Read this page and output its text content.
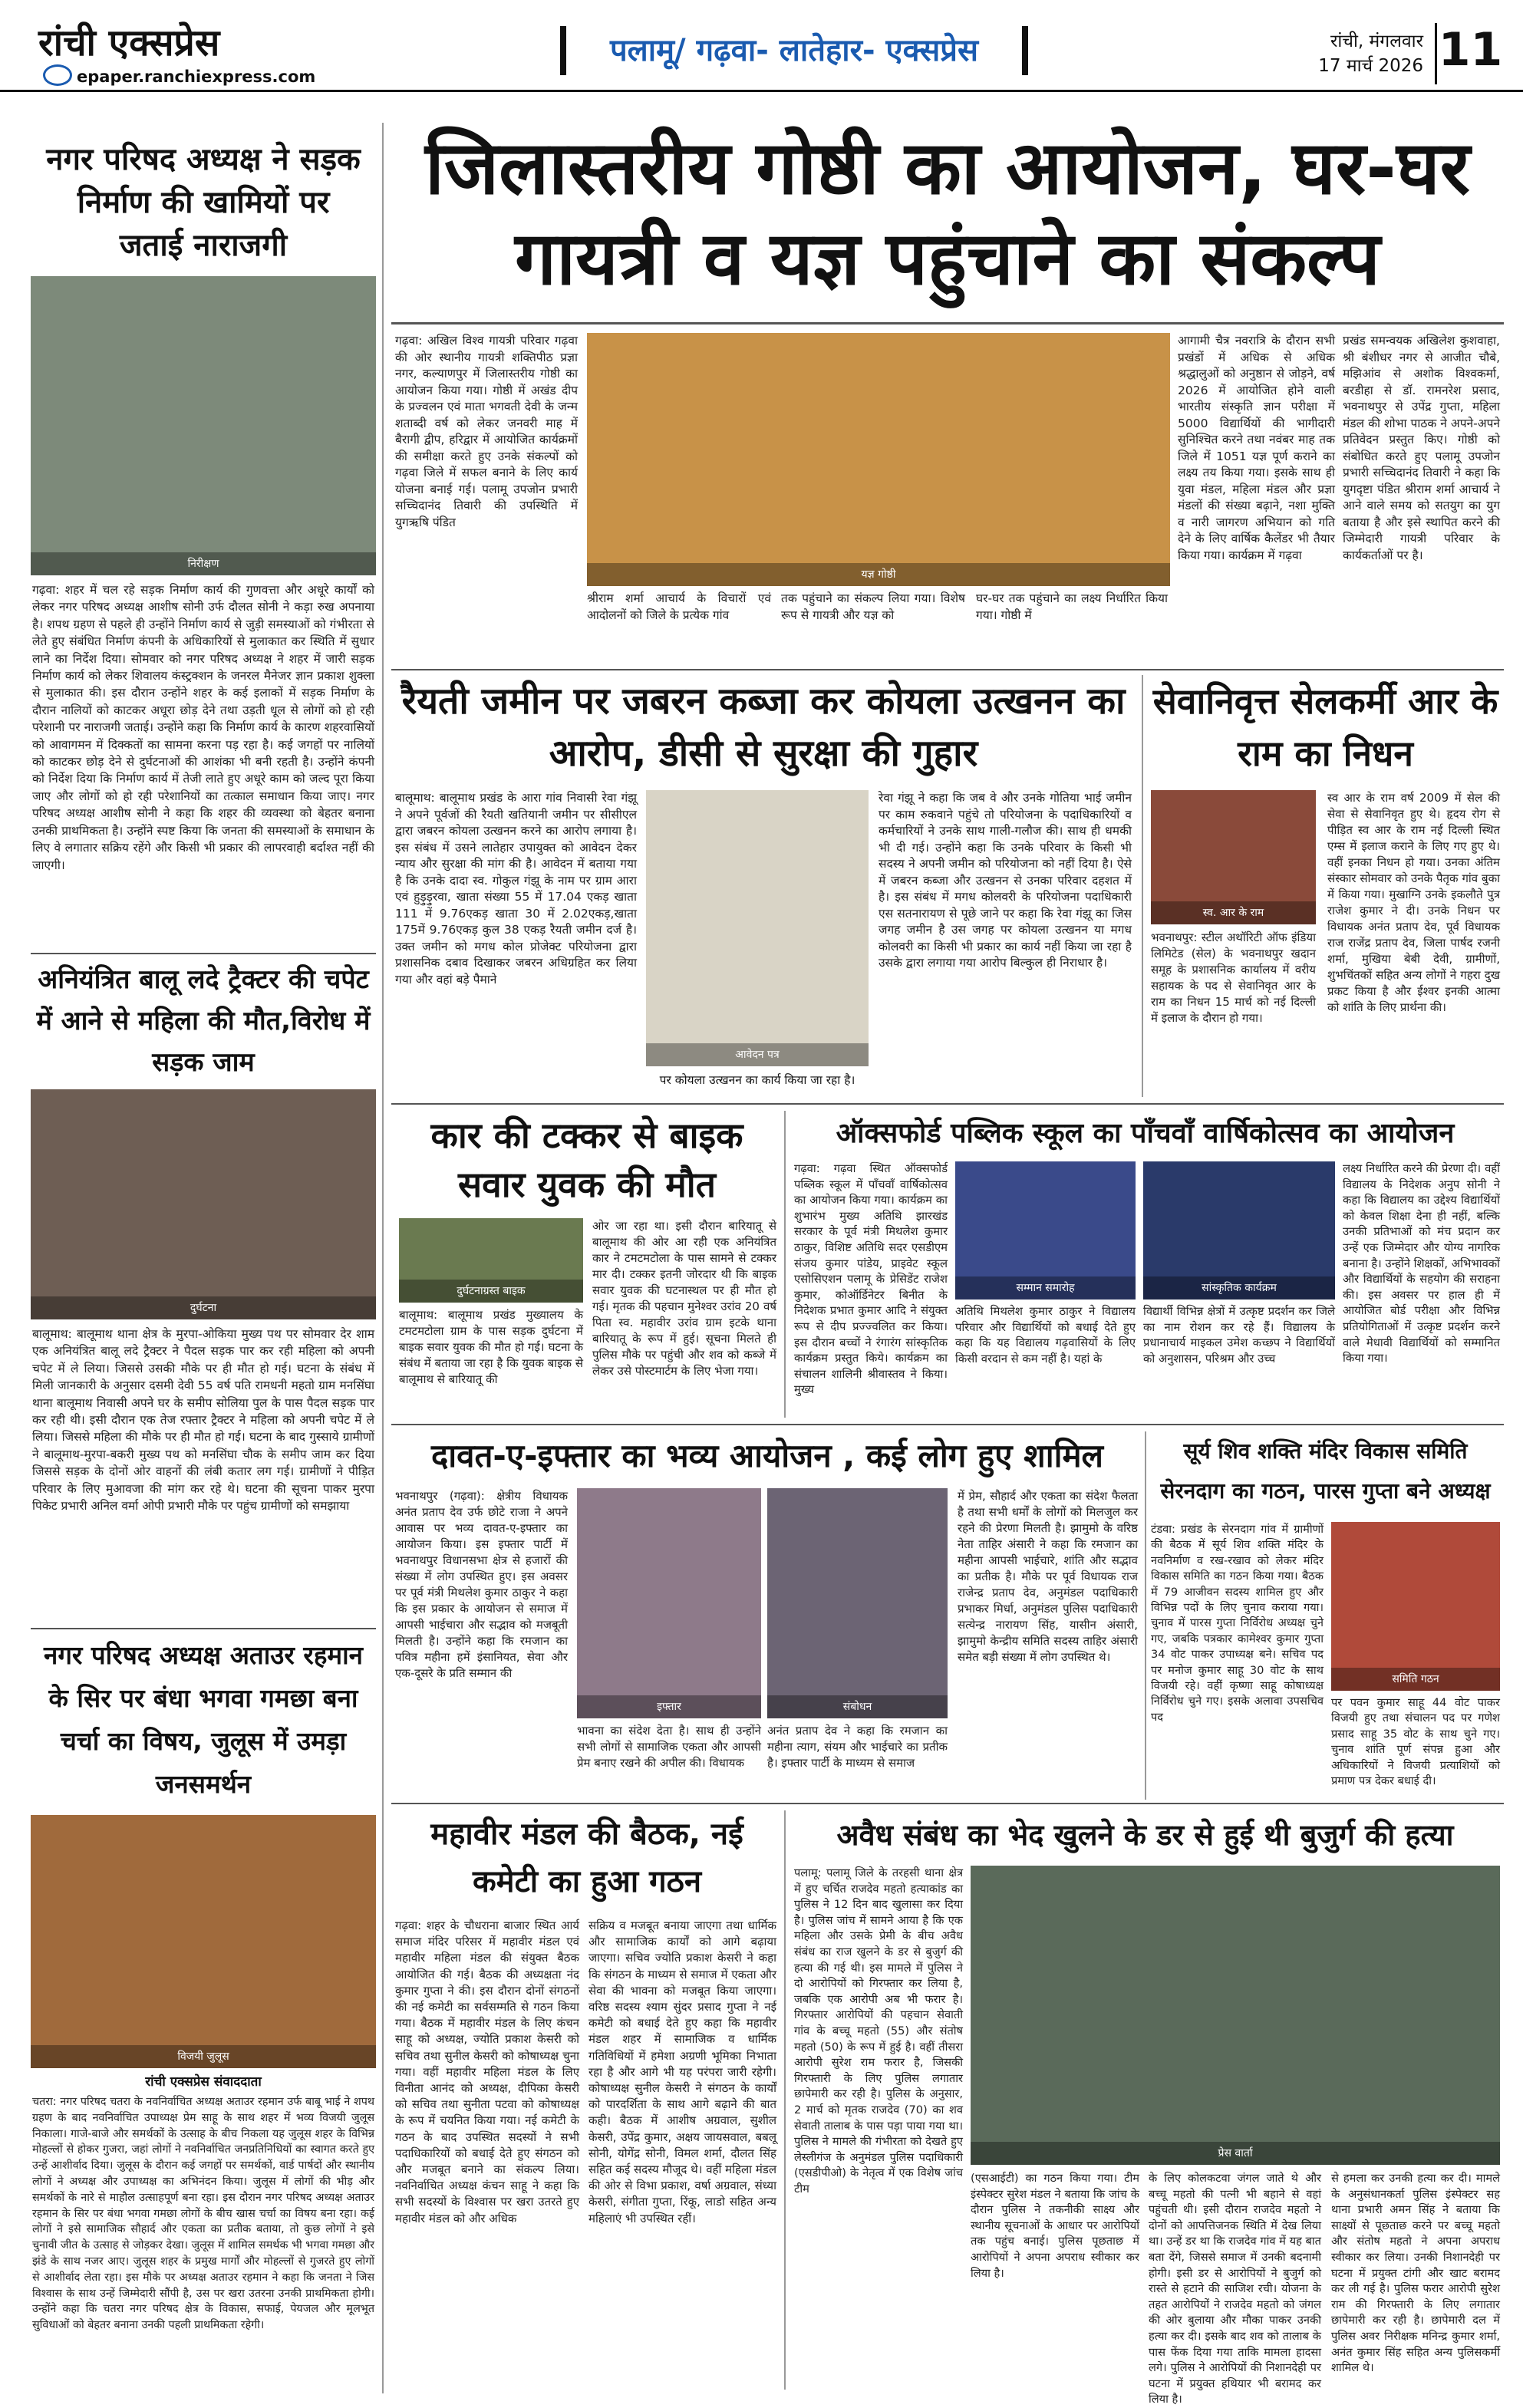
रांची एक्सप्रेस
epaper.ranchiexpress.com
पलामू/ गढ़वा- लातेहार- एक्सप्रेस	रांची, मंगलवार
17 मार्च 2026 11
नगर परिषद अध्यक्ष ने सड़क निर्माण की खामियों पर जताई नाराजगी
निरीक्षण

गढ़वा: शहर में चल रहे सड़क निर्माण कार्य की गुणवत्ता और अधूरे कार्यों को लेकर नगर परिषद अध्यक्ष आशीष सोनी उर्फ दौलत सोनी ने कड़ा रुख अपनाया है। शपथ ग्रहण से पहले ही उन्होंने निर्माण कार्य से जुड़ी समस्याओं को गंभीरता से लेते हुए संबंधित निर्माण कंपनी के अधिकारियों से मुलाकात कर स्थिति में सुधार लाने का निर्देश दिया। सोमवार को नगर परिषद अध्यक्ष ने शहर में जारी सड़क निर्माण कार्य को लेकर शिवालय कंस्ट्रक्शन के जनरल मैनेजर ज्ञान प्रकाश शुक्ला से मुलाकात की। इस दौरान उन्होंने शहर के कई इलाकों में सड़क निर्माण के दौरान नालियों को काटकर अधूरा छोड़ देने तथा उड़ती धूल से लोगों को हो रही परेशानी पर नाराजगी जताई। उन्होंने कहा कि निर्माण कार्य के कारण शहरवासियों को आवागमन में दिक्कतों का सामना करना पड़ रहा है। कई जगहों पर नालियों को काटकर छोड़ देने से दुर्घटनाओं की आशंका भी बनी रहती है। उन्होंने कंपनी को निर्देश दिया कि निर्माण कार्य में तेजी लाते हुए अधूरे काम को जल्द पूरा किया जाए और लोगों को हो रही परेशानियों का तत्काल समाधान किया जाए। नगर परिषद अध्यक्ष आशीष सोनी ने कहा कि शहर की व्यवस्था को बेहतर बनाना उनकी प्राथमिकता है। उन्होंने स्पष्ट किया कि जनता की समस्याओं के समाधान के लिए वे लगातार सक्रिय रहेंगे और किसी भी प्रकार की लापरवाही बर्दाश्त नहीं की जाएगी।

अनियंत्रित बालू लदे ट्रैक्टर की चपेट में आने से महिला की मौत,विरोध में सड़क जाम
दुर्घटना

बालूमाथ: बालूमाथ थाना क्षेत्र के मुरपा-ओकिया मुख्य पथ पर सोमवार देर शाम एक अनियंत्रित बालू लदे ट्रैक्टर ने पैदल सड़क पार कर रही महिला को अपनी चपेट में ले लिया। जिससे उसकी मौके पर ही मौत हो गई। घटना के संबंध में मिली जानकारी के अनुसार दसमी देवी 55 वर्ष पति रामधनी महतो ग्राम मनसिंघा थाना बालूमाथ निवासी अपने घर के समीप सोलिया पुल के पास पैदल सड़क पार कर रही थी। इसी दौरान एक तेज रफ्तार ट्रैक्टर ने महिला को अपनी चपेट में ले लिया। जिससे महिला की मौके पर ही मौत हो गई। घटना के बाद गुस्साये ग्रामीणों ने बालूमाथ-मुरपा-बकरी मुख्य पथ को मनसिंघा चौक के समीप जाम कर दिया जिससे सड़क के दोनों ओर वाहनों की लंबी कतार लग गई। ग्रामीणों ने पीड़ित परिवार के लिए मुआवजा की मांग कर रहे थे। घटना की सूचना पाकर मुरपा पिकेट प्रभारी अनिल वर्मा ओपी प्रभारी मौके पर पहुंच ग्रामीणों को समझाया

नगर परिषद अध्यक्ष अताउर रहमान के सिर पर बंधा भगवा गमछा बना चर्चा का विषय, जुलूस में उमड़ा जनसमर्थन
विजयी जुलूस
रांची एक्सप्रेस संवाददाता

चतरा: नगर परिषद चतरा के नवनिर्वाचित अध्यक्ष अताउर रहमान उर्फ बाबू भाई ने शपथ ग्रहण के बाद नवनिर्वाचित उपाध्यक्ष प्रेम साहू के साथ शहर में भव्य विजयी जुलूस निकाला। गाजे-बाजे और समर्थकों के उत्साह के बीच निकला यह जुलूस शहर के विभिन्न मोहल्लों से होकर गुजरा, जहां लोगों ने नवनिर्वाचित जनप्रतिनिधियों का स्वागत करते हुए उन्हें आशीर्वाद दिया। जुलूस के दौरान कई जगहों पर समर्थकों, वार्ड पार्षदों और स्थानीय लोगों ने अध्यक्ष और उपाध्यक्ष का अभिनंदन किया। जुलूस में लोगों की भीड़ और समर्थकों के नारे से माहौल उत्साहपूर्ण बना रहा। इस दौरान नगर परिषद अध्यक्ष अताउर रहमान के सिर पर बंधा भगवा गमछा लोगों के बीच खास चर्चा का विषय बना रहा। कई लोगों ने इसे सामाजिक सौहार्द और एकता का प्रतीक बताया, तो कुछ लोगों ने इसे चुनावी जीत के उत्साह से जोड़कर देखा। जुलूस में शामिल समर्थक भी भगवा गमछा और झंडे के साथ नजर आए। जुलूस शहर के प्रमुख मार्गों और मोहल्लों से गुजरते हुए लोगों से आशीर्वाद लेता रहा। इस मौके पर अध्यक्ष अताउर रहमान ने कहा कि जनता ने जिस विश्वास के साथ उन्हें जिम्मेदारी सौंपी है, उस पर खरा उतरना उनकी प्राथमिकता होगी। उन्होंने कहा कि चतरा नगर परिषद क्षेत्र के विकास, सफाई, पेयजल और मूलभूत सुविधाओं को बेहतर बनाना उनकी पहली प्राथमिकता रहेगी।

जिलास्तरीय गोष्ठी का आयोजन, घर-घर गायत्री व यज्ञ पहुंचाने का संकल्प

गढ़वा: अखिल विश्व गायत्री परिवार गढ़वा की ओर स्थानीय गायत्री शक्तिपीठ प्रज्ञा नगर, कल्याणपुर में जिलास्तरीय गोष्ठी का आयोजन किया गया। गोष्ठी में अखंड दीप के प्रज्वलन एवं माता भगवती देवी के जन्म शताब्दी वर्ष को लेकर जनवरी माह में बैरागी द्वीप, हरिद्वार में आयोजित कार्यक्रमों की समीक्षा करते हुए उनके संकल्पों को गढ़वा जिले में सफल बनाने के लिए कार्य योजना बनाई गई। पलामू उपजोन प्रभारी सच्चिदानंद तिवारी की उपस्थिति में युगऋषि पंडित

यज्ञ गोष्ठी

श्रीराम शर्मा आचार्य के विचारों एवं आदोलनों को जिले के प्रत्येक गांव

तक पहुंचाने का संकल्प लिया गया। विशेष रूप से गायत्री और यज्ञ को

घर-घर तक पहुंचाने का लक्ष्य निर्धारित किया गया। गोष्ठी में

आगामी चैत्र नवरात्रि के दौरान सभी प्रखंडों में अधिक से अधिक श्रद्धालुओं को अनुष्ठान से जोड़ने, वर्ष 2026 में आयोजित होने वाली भारतीय संस्कृति ज्ञान परीक्षा में 5000 विद्यार्थियों की भागीदारी सुनिश्चित करने तथा नवंबर माह तक जिले में 1051 यज्ञ पूर्ण कराने का लक्ष्य तय किया गया। इसके साथ ही युवा मंडल, महिला मंडल और प्रज्ञा मंडलों की संख्या बढ़ाने, नशा मुक्ति व नारी जागरण अभियान को गति देने के लिए वार्षिक कैलेंडर भी तैयार किया गया। कार्यक्रम में गढ़वा

प्रखंड समन्वयक अखिलेश कुशवाहा, श्री बंशीधर नगर से आजीत चौबे, मझिआंव से अशोक विश्वकर्मा, बरडीहा से डॉ. रामनरेश प्रसाद, भवनाथपुर से उपेंद्र गुप्ता, महिला मंडल की शोभा पाठक ने अपने-अपने प्रतिवेदन प्रस्तुत किए। गोष्ठी को संबोधित करते हुए पलामू उपजोन प्रभारी सच्चिदानंद तिवारी ने कहा कि युगदृष्टा पंडित श्रीराम शर्मा आचार्य ने आने वाले समय को सतयुग का युग बताया है और इसे स्थापित करने की जिम्मेदारी गायत्री परिवार के कार्यकर्ताओं पर है।

रैयती जमीन पर जबरन कब्जा कर कोयला उत्खनन का आरोप, डीसी से सुरक्षा की गुहार

बालूमाथ: बालूमाथ प्रखंड के आरा गांव निवासी रेवा गंझू ने अपने पूर्वजों की रैयती खतियानी जमीन पर सीसीएल द्वारा जबरन कोयला उत्खनन करने का आरोप लगाया है। इस संबंध में उसने लातेहार उपायुक्त को आवेदन देकर न्याय और सुरक्षा की मांग की है। आवेदन में बताया गया है कि उनके दादा स्व. गोकुल गंझू के नाम पर ग्राम आरा एवं हुड़ुड़ुरवा, खाता संख्या 55 में 17.04 एकड़ खाता 111 में 9.76एकड़ खाता 30 में 2.02एकड़,खाता 175में 9.76एकड़ कुल 38 एकड़ रैयती जमीन दर्ज है। उक्त जमीन को मगध कोल प्रोजेक्ट परियोजना द्वारा प्रशासनिक दबाव दिखाकर जबरन अधिग्रहित कर लिया गया और वहां बड़े पैमाने

आवेदन पत्र

पर कोयला उत्खनन का कार्य किया जा रहा है।

रेवा गंझू ने कहा कि जब वे और उनके गोतिया भाई जमीन पर काम रुकवाने पहुंचे तो परियोजना के पदाधिकारियों व कर्मचारियों ने उनके साथ गाली-गलौज की। साथ ही धमकी भी दी गई। उन्होंने कहा कि उनके परिवार के किसी भी सदस्य ने अपनी जमीन को परियोजना को नहीं दिया है। ऐसे में जबरन कब्जा और उत्खनन से उनका परिवार दहशत में है। इस संबंध में मगध कोलवरी के परियोजना पदाधिकारी एस सतनारायण से पूछे जाने पर कहा कि रेवा गंझू का जिस जगह जमीन है उस जगह पर कोयला उत्खनन या मगध कोलवरी का किसी भी प्रकार का कार्य नहीं किया जा रहा है उसके द्वारा लगाया गया आरोप बिल्कुल ही निराधार है।

सेवानिवृत्त सेलकर्मी आर के राम का निधन

स्व आर के राम वर्ष 2009 में सेल की सेवा से सेवानिवृत हुए थे। हृदय रोग से पीड़ित स्व आर के राम नई दिल्ली स्थित एम्स में इलाज कराने के लिए गए हुए थे। वहीं इनका निधन हो गया। उनका अंतिम संस्कार सोमवार को उनके पैतृक गांव बुका में किया गया। मुखाग्नि उनके इकलौते पुत्र राजेश कुमार ने दी। उनके निधन पर विधायक अनंत प्रताप देव, पूर्व विधायक राज राजेंद्र प्रताप देव, जिला पार्षद रजनी शर्मा, मुखिया बेबी देवी, ग्रामीणों, शुभचिंतकों सहित अन्य लोगों ने गहरा दुख प्रकट किया है और ईश्वर इनकी आत्मा को शांति के लिए प्रार्थना की।

स्व. आर के राम

भवनाथपुर: स्टील अथॉरिटी ऑफ इंडिया लिमिटेड (सेल) के भवनाथपुर खदान समूह के प्रशासनिक कार्यालय में वरीय सहायक के पद से सेवानिवृत आर के राम का निधन 15 मार्च को नई दिल्ली में इलाज के दौरान हो गया।

कार की टक्कर से बाइक सवार युवक की मौत
दुर्घटनाग्रस्त बाइक

बालूमाथ: बालूमाथ प्रखंड मुख्यालय के टमटमटोला ग्राम के पास सड़क दुर्घटना में बाइक सवार युवक की मौत हो गई। घटना के संबंध में बताया जा रहा है कि युवक बाइक से बालूमाथ से बारियातू की

ओर जा रहा था। इसी दौरान बारियातू से बालूमाथ की ओर आ रही एक अनियंत्रित कार ने टमटमटोला के पास सामने से टक्कर मार दी। टक्कर इतनी जोरदार थी कि बाइक सवार युवक की घटनास्थल पर ही मौत हो गई। मृतक की पहचान मुनेश्वर उरांव 20 वर्ष पिता स्व. महावीर उरांव ग्राम इटके थाना बारियातू के रूप में हुई। सूचना मिलते ही पुलिस मौके पर पहुंची और शव को कब्जे में लेकर उसे पोस्टमार्टम के लिए भेजा गया।

ऑक्सफोर्ड पब्लिक स्कूल का पाँचवाँ वार्षिकोत्सव का आयोजन

गढ़वा: गढ़वा स्थित ऑक्सफोर्ड पब्लिक स्कूल में पाँचवाँ वार्षिकोत्सव का आयोजन किया गया। कार्यक्रम का शुभारंभ मुख्य अतिथि झारखंड सरकार के पूर्व मंत्री मिथलेश कुमार ठाकुर, विशिष्ट अतिथि सदर एसडीएम संजय कुमार पांडेय, प्राइवेट स्कूल एसोसिएशन पलामू के प्रेसिडेंट राजेश कुमार, कोऑर्डिनेटर बिनीत के निदेशक प्रभात कुमार आदि ने संयुक्त रूप से दीप प्रज्ज्वलित कर किया। इस दौरान बच्चों ने रंगारंग सांस्कृतिक कार्यक्रम प्रस्तुत किये। कार्यक्रम का संचालन शालिनी श्रीवास्तव ने किया। मुख्य

सम्मान समारोह	सांस्कृतिक कार्यक्रम

अतिथि मिथलेश कुमार ठाकुर ने विद्यालय परिवार और विद्यार्थियों को बधाई देते हुए कहा कि यह विद्यालय गढ़वासियों के लिए किसी वरदान से कम नहीं है। यहां के

विद्यार्थी विभिन्न क्षेत्रों में उत्कृष्ट प्रदर्शन कर जिले का नाम रोशन कर रहे हैं। विद्यालय के प्रधानाचार्य माइकल उमेश कच्छप ने विद्यार्थियों को अनुशासन, परिश्रम और उच्च

लक्ष्य निर्धारित करने की प्रेरणा दी। वहीं विद्यालय के निदेशक अनुप सोनी ने कहा कि विद्यालय का उद्देश्य विद्यार्थियों को केवल शिक्षा देना ही नहीं, बल्कि उनकी प्रतिभाओं को मंच प्रदान कर उन्हें एक जिम्मेदार और योग्य नागरिक बनाना है। उन्होंने शिक्षकों, अभिभावकों और विद्यार्थियों के सहयोग की सराहना की। इस अवसर पर हाल ही में आयोजित बोर्ड परीक्षा और विभिन्न प्रतियोगिताओं में उत्कृष्ट प्रदर्शन करने वाले मेधावी विद्यार्थियों को सम्मानित किया गया।

दावत-ए-इफ्तार का भव्य आयोजन , कई लोग हुए शामिल

भवनाथपुर (गढ़वा): क्षेत्रीय विधायक अनंत प्रताप देव उर्फ छोटे राजा ने अपने आवास पर भव्य दावत-ए-इफ्तार का आयोजन किया। इस इफ्तार पार्टी में भवनाथपुर विधानसभा क्षेत्र से हजारों की संख्या में लोग उपस्थित हुए। इस अवसर पर पूर्व मंत्री मिथलेश कुमार ठाकुर ने कहा कि इस प्रकार के आयोजन से समाज में आपसी भाईचारा और सद्भाव को मजबूती मिलती है। उन्होंने कहा कि रमजान का पवित्र महीना हमें इंसानियत, सेवा और एक-दूसरे के प्रति सम्मान की

इफ्तार	संबोधन

भावना का संदेश देता है। साथ ही उन्होंने सभी लोगों से सामाजिक एकता और आपसी प्रेम बनाए रखने की अपील की। विधायक

अनंत प्रताप देव ने कहा कि रमजान का महीना त्याग, संयम और भाईचारे का प्रतीक है। इफ्तार पार्टी के माध्यम से समाज

में प्रेम, सौहार्द और एकता का संदेश फैलता है तथा सभी धर्मों के लोगों को मिलजुल कर रहने की प्रेरणा मिलती है। झामुमो के वरिष्ठ नेता ताहिर अंसारी ने कहा कि रमजान का महीना आपसी भाईचारे, शांति और सद्भाव का प्रतीक है। मौके पर पूर्व विधायक राज राजेन्द्र प्रताप देव, अनुमंडल पदाधिकारी प्रभाकर मिर्धा, अनुमंडल पुलिस पदाधिकारी सत्येन्द्र नारायण सिंह, यासीन अंसारी, झामुमो केन्द्रीय समिति सदस्य ताहिर अंसारी समेत बड़ी संख्या में लोग उपस्थित थे।

सूर्य शिव शक्ति मंदिर विकास समिति सेरनदाग का गठन, पारस गुप्ता बने अध्यक्ष

टंडवा: प्रखंड के सेरनदाग गांव में ग्रामीणों की बैठक में सूर्य शिव शक्ति मंदिर के नवनिर्माण व रख-रखाव को लेकर मंदिर विकास समिति का गठन किया गया। बैठक में 79 आजीवन सदस्य शामिल हुए और विभिन्न पदों के लिए चुनाव कराया गया। चुनाव में पारस गुप्ता निर्विरोध अध्यक्ष चुने गए, जबकि पत्रकार कामेश्वर कुमार गुप्ता 34 वोट पाकर उपाध्यक्ष बने। सचिव पद पर मनोज कुमार साहू 30 वोट के साथ विजयी रहे। वहीं कृष्णा साहू कोषाध्यक्ष निर्विरोध चुने गए। इसके अलावा उपसचिव पद

समिति गठन

पर पवन कुमार साहू 44 वोट पाकर विजयी हुए तथा संचालन पद पर गणेश प्रसाद साहू 35 वोट के साथ चुने गए। चुनाव शांति पूर्ण संपन्न हुआ और अधिकारियों ने विजयी प्रत्याशियों को प्रमाण पत्र देकर बधाई दी।

महावीर मंडल की बैठक, नई कमेटी का हुआ गठन

गढ़वा: शहर के चौधराना बाजार स्थित आर्य समाज मंदिर परिसर में महावीर मंडल एवं महावीर महिला मंडल की संयुक्त बैठक आयोजित की गई। बैठक की अध्यक्षता नंद कुमार गुप्ता ने की। इस दौरान दोनों संगठनों की नई कमेटी का सर्वसम्मति से गठन किया गया। बैठक में महावीर मंडल के लिए कंचन साहू को अध्यक्ष, ज्योति प्रकाश केसरी को सचिव तथा सुनील केसरी को कोषाध्यक्ष चुना गया। वहीं महावीर महिला मंडल के लिए विनीता आनंद को अध्यक्ष, दीपिका केसरी को सचिव तथा सुनीता पटवा को कोषाध्यक्ष के रूप में चयनित किया गया। नई कमेटी के गठन के बाद उपस्थित सदस्यों ने सभी पदाधिकारियों को बधाई देते हुए संगठन को और मजबूत बनाने का संकल्प लिया। नवनिर्वाचित अध्यक्ष कंचन साहू ने कहा कि सभी सदस्यों के विश्वास पर खरा उतरते हुए महावीर मंडल को और अधिक

सक्रिय व मजबूत बनाया जाएगा तथा धार्मिक और सामाजिक कार्यों को आगे बढ़ाया जाएगा। सचिव ज्योति प्रकाश केसरी ने कहा कि संगठन के माध्यम से समाज में एकता और सेवा की भावना को मजबूत किया जाएगा। वरिष्ठ सदस्य श्याम सुंदर प्रसाद गुप्ता ने नई कमेटी को बधाई देते हुए कहा कि महावीर मंडल शहर में सामाजिक व धार्मिक गतिविधियों में हमेशा अग्रणी भूमिका निभाता रहा है और आगे भी यह परंपरा जारी रहेगी। कोषाध्यक्ष सुनील केसरी ने संगठन के कार्यों को पारदर्शिता के साथ आगे बढ़ाने की बात कही। बैठक में आशीष अग्रवाल, सुशील केसरी, उपेंद्र कुमार, अक्षय जायसवाल, बबलू सोनी, योगेंद्र सोनी, विमल शर्मा, दौलत सिंह सहित कई सदस्य मौजूद थे। वहीं महिला मंडल की ओर से विभा प्रकाश, वर्षा अग्रवाल, संध्या केसरी, संगीता गुप्ता, रिंकू, लाडो सहित अन्य महिलाएं भी उपस्थित रहीं।

अवैध संबंध का भेद खुलने के डर से हुई थी बुजुर्ग की हत्या

पलामू: पलामू जिले के तरहसी थाना क्षेत्र में हुए चर्चित राजदेव महतो हत्याकांड का पुलिस ने 12 दिन बाद खुलासा कर दिया है। पुलिस जांच में सामने आया है कि एक महिला और उसके प्रेमी के बीच अवैध संबंध का राज खुलने के डर से बुजुर्ग की हत्या की गई थी। इस मामले में पुलिस ने दो आरोपियों को गिरफ्तार कर लिया है, जबकि एक आरोपी अब भी फरार है। गिरफ्तार आरोपियों की पहचान सेवाती गांव के बच्चू महतो (55) और संतोष महतो (50) के रूप में हुई है। वहीं तीसरा आरोपी सुरेश राम फरार है, जिसकी गिरफ्तारी के लिए पुलिस लगातार छापेमारी कर रही है। पुलिस के अनुसार, 2 मार्च को मृतक राजदेव (70) का शव सेवाती तालाब के पास पड़ा पाया गया था। पुलिस ने मामले की गंभीरता को देखते हुए लेस्लीगंज के अनुमंडल पुलिस पदाधिकारी (एसडीपीओ) के नेतृत्व में एक विशेष जांच टीम

प्रेस वार्ता

(एसआईटी) का गठन किया गया। टीम इंस्पेक्टर सुरेश मंडल ने बताया कि जांच के दौरान पुलिस ने तकनीकी साक्ष्य और स्थानीय सूचनाओं के आधार पर आरोपियों तक पहुंच बनाई। पुलिस पूछताछ में आरोपियों ने अपना अपराध स्वीकार कर लिया है।

के लिए कोलकटवा जंगल जाते थे और बच्चू महतो की पत्नी भी बहाने से वहां पहुंचती थी। इसी दौरान राजदेव महतो ने दोनों को आपत्तिजनक स्थिति में देख लिया था। उन्हें डर था कि राजदेव गांव में यह बात बता देंगे, जिससे समाज में उनकी बदनामी होगी। इसी डर से आरोपियों ने बुजुर्ग को रास्ते से हटाने की साजिश रची। योजना के तहत आरोपियों ने राजदेव महतो को जंगल की ओर बुलाया और मौका पाकर उनकी हत्या कर दी। इसके बाद शव को तालाब के पास फेंक दिया गया ताकि मामला हादसा लगे। पुलिस ने आरोपियों की निशानदेही पर घटना में प्रयुक्त हथियार भी बरामद कर लिया है।

से हमला कर उनकी हत्या कर दी। मामले के अनुसंधानकर्ता पुलिस इंस्पेक्टर सह थाना प्रभारी अमन सिंह ने बताया कि साक्ष्यों से पूछताछ करने पर बच्चू महतो और संतोष महतो ने अपना अपराध स्वीकार कर लिया। उनकी निशानदेही पर घटना में प्रयुक्त टांगी और खाट बरामद कर ली गई है। पुलिस फरार आरोपी सुरेश राम की गिरफ्तारी के लिए लगातार छापेमारी कर रही है। छापेमारी दल में पुलिस अवर निरीक्षक मनिन्द्र कुमार शर्मा, अनंत कुमार सिंह सहित अन्य पुलिसकर्मी शामिल थे।
